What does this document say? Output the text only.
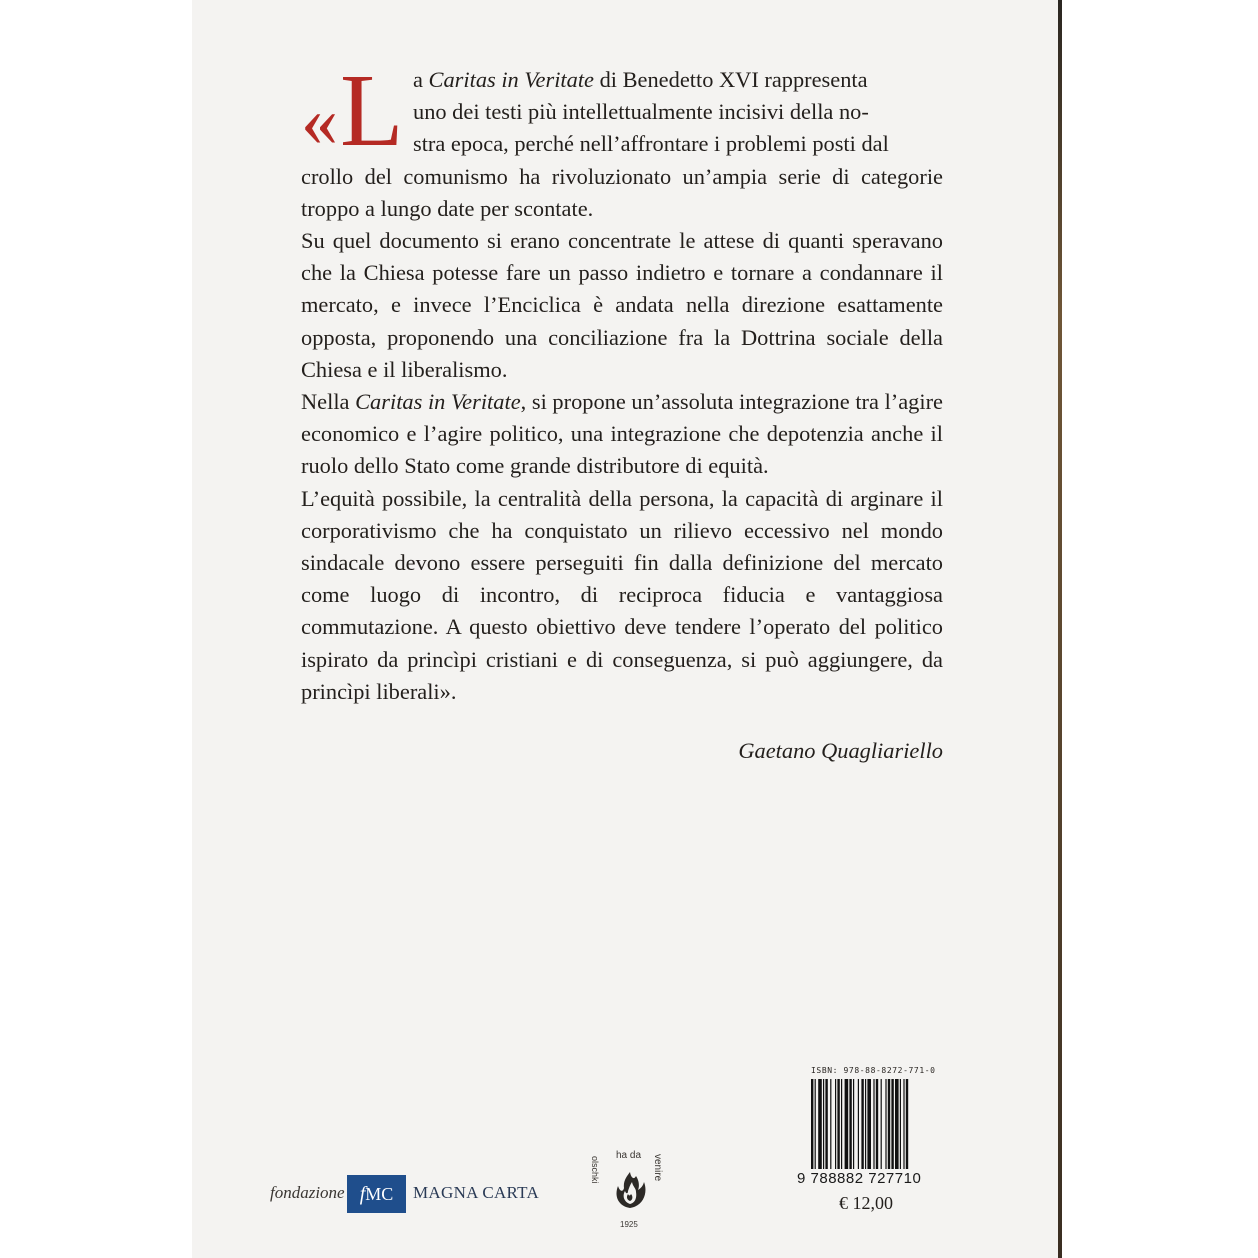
«L a Caritas in Veritate di Benedetto XVI rappresenta
uno dei testi più intellettualmente incisivi della no-
stra epoca, perché nell’affrontare i problemi posti dal
crollo del comunismo ha rivoluzionato un’ampia serie di categorie troppo a lungo date per scontate.

Su quel documento si erano concentrate le attese di quanti speravano che la Chiesa potesse fare un passo indietro e tornare a condannare il mercato, e invece l’Enciclica è andata nella direzione esattamente opposta, proponendo una conciliazione fra la Dottrina sociale della Chiesa e il liberalismo.

Nella Caritas in Veritate, si propone un’assoluta integrazione tra l’agire economico e l’agire politico, una integrazione che depotenzia anche il ruolo dello Stato come grande distributore di equità.

L’equità possibile, la centralità della persona, la capacità di arginare il corporativismo che ha conquistato un rilievo eccessivo nel mondo sindacale devono essere perseguiti fin dalla definizione del mercato come luogo di incontro, di reciproca fiducia e vantaggiosa commutazione. A questo obiettivo deve tendere l’operato del politico ispirato da princìpi cristiani e di conseguenza, si può aggiungere, da princìpi liberali».

Gaetano Quagliariello
fondazione fMC	MAGNA CARTA
ha da
olschki	venire
1925
ISBN: 978-88-8272-771-0
9 788882 727710
€ 12,00
